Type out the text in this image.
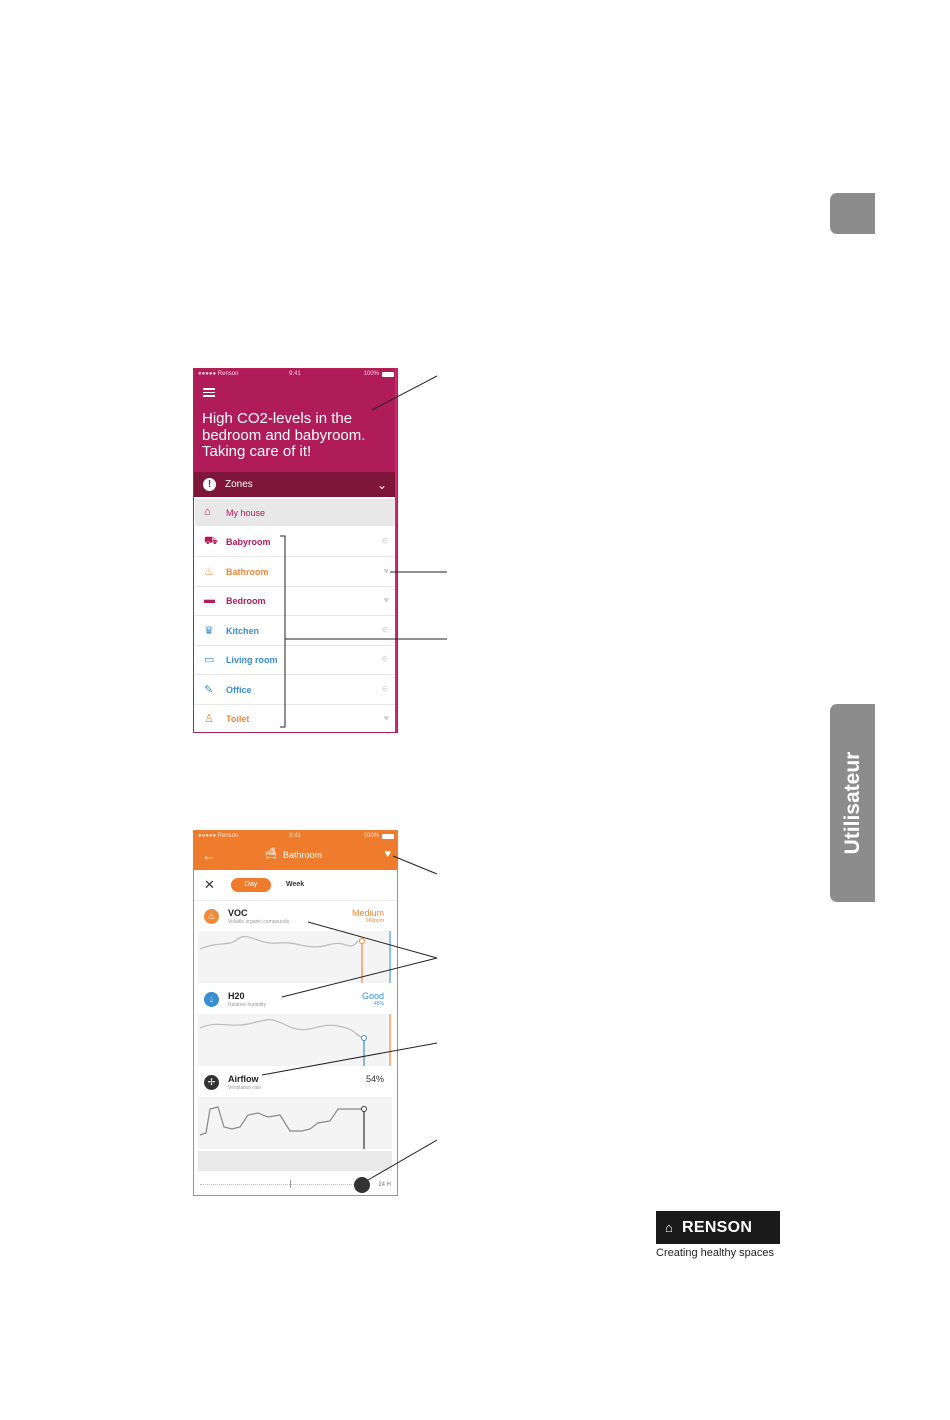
Utilisateur
●●●●● Renson	9:41	100%
High CO2-levels in the bedroom and babyroom. Taking care of it!
!	Zones	⌄
⌂ My house
⛟ Babyroom	⚟
♨ Bathroom	♥
▬ Bedroom	♥
♛ Kitchen	⚟
▭ Living room	⚟
✎ Office	⚟
♙ Toilet	♥
●●●●● Renson	9:41	100%
←	🛁︎ Bathroom	♥
✕	Day	Week
♨	VOC
Volatile organic compounds
Medium
960ppm
💧︎	H20
Relative humidity
Good
45%
✢	Airflow
Ventilation rate
54%
24 H
⌂ RENSON
Creating healthy spaces
